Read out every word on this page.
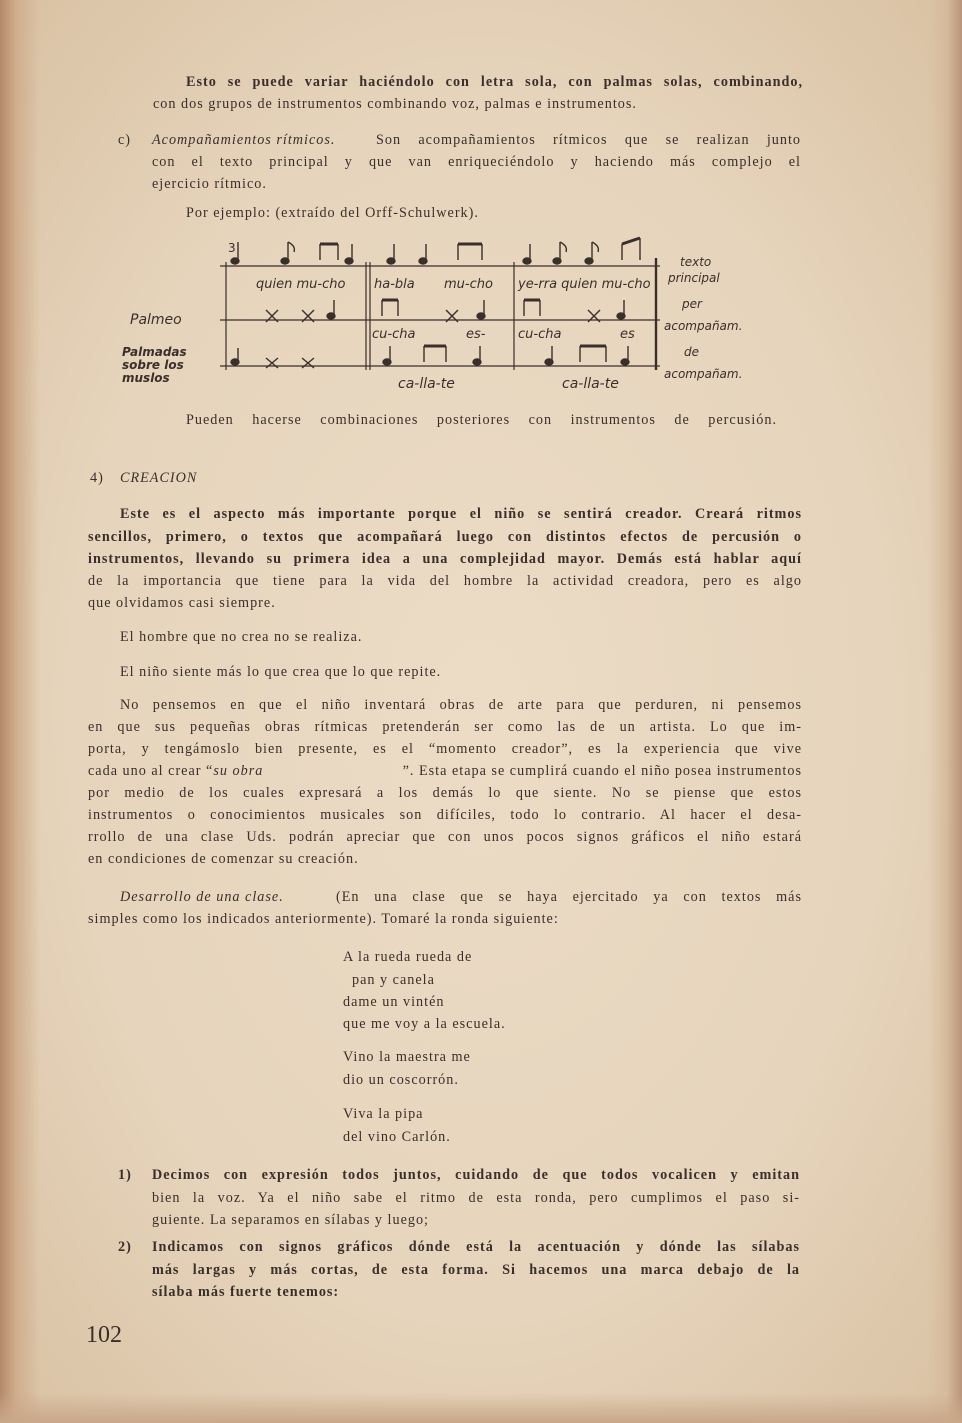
Esto se puede variar haciéndolo con letra sola, con palmas solas, combinando,
con dos grupos de instrumentos combinando voz, palmas e instrumentos.
c) Acompañamientos rítmicos.	Son acompañamientos rítmicos que se realizan junto
con el texto principal y que van enriqueciéndolo y haciendo más complejo el
ejercicio rítmico.
Por ejemplo: (extraído del Orff-Schulwerk).
3
Palmeo
Palmadas
sobre los
muslos
quien mu-cho ha-bla mu-cho ye-rra quien mu-cho
cu-cha	es-	cu-cha	es
ca-lla-te	ca-lla-te
texto
principal
per
acompañam.
de
acompañam.
Pueden hacerse combinaciones posteriores con instrumentos de percusión.
4) CREACION
Este es el aspecto más importante porque el niño se sentirá creador. Creará ritmos
sencillos, primero, o textos que acompañará luego con distintos efectos de percusión o
instrumentos, llevando su primera idea a una complejidad mayor. Demás está hablar aquí
de la importancia que tiene para la vida del hombre la actividad creadora, pero es algo
que olvidamos casi siempre.
El hombre que no crea no se realiza.
El niño siente más lo que crea que lo que repite.
No pensemos en que el niño inventará obras de arte para que perduren, ni pensemos
en que sus pequeñas obras rítmicas pretenderán ser como las de un artista. Lo que im-
porta, y tengámoslo bien presente, es el “momento creador”, es la experiencia que vive
cada uno al crear “su obra	”. Esta etapa se cumplirá cuando el niño posea instrumentos
por medio de los cuales expresará a los demás lo que siente. No se piense que estos
instrumentos o conocimientos musicales son difíciles, todo lo contrario. Al hacer el desa-
rrollo de una clase Uds. podrán apreciar que con unos pocos signos gráficos el niño estará
en condiciones de comenzar su creación.
Desarrollo de una clase.	(En una clase que se haya ejercitado ya con textos más
simples como los indicados anteriormente). Tomaré la ronda siguiente:
A la rueda rueda de
pan y canela
dame un vintén
que me voy a la escuela.
Vino la maestra me
dio un coscorrón.
Viva la pipa
del vino Carlón.
1) Decimos con expresión todos juntos, cuidando de que todos vocalicen y emitan
bien la voz. Ya el niño sabe el ritmo de esta ronda, pero cumplimos el paso si-
guiente. La separamos en sílabas y luego;
2) Indicamos con signos gráficos dónde está la acentuación y dónde las sílabas
más largas y más cortas, de esta forma. Si hacemos una marca debajo de la
sílaba más fuerte tenemos:
102
